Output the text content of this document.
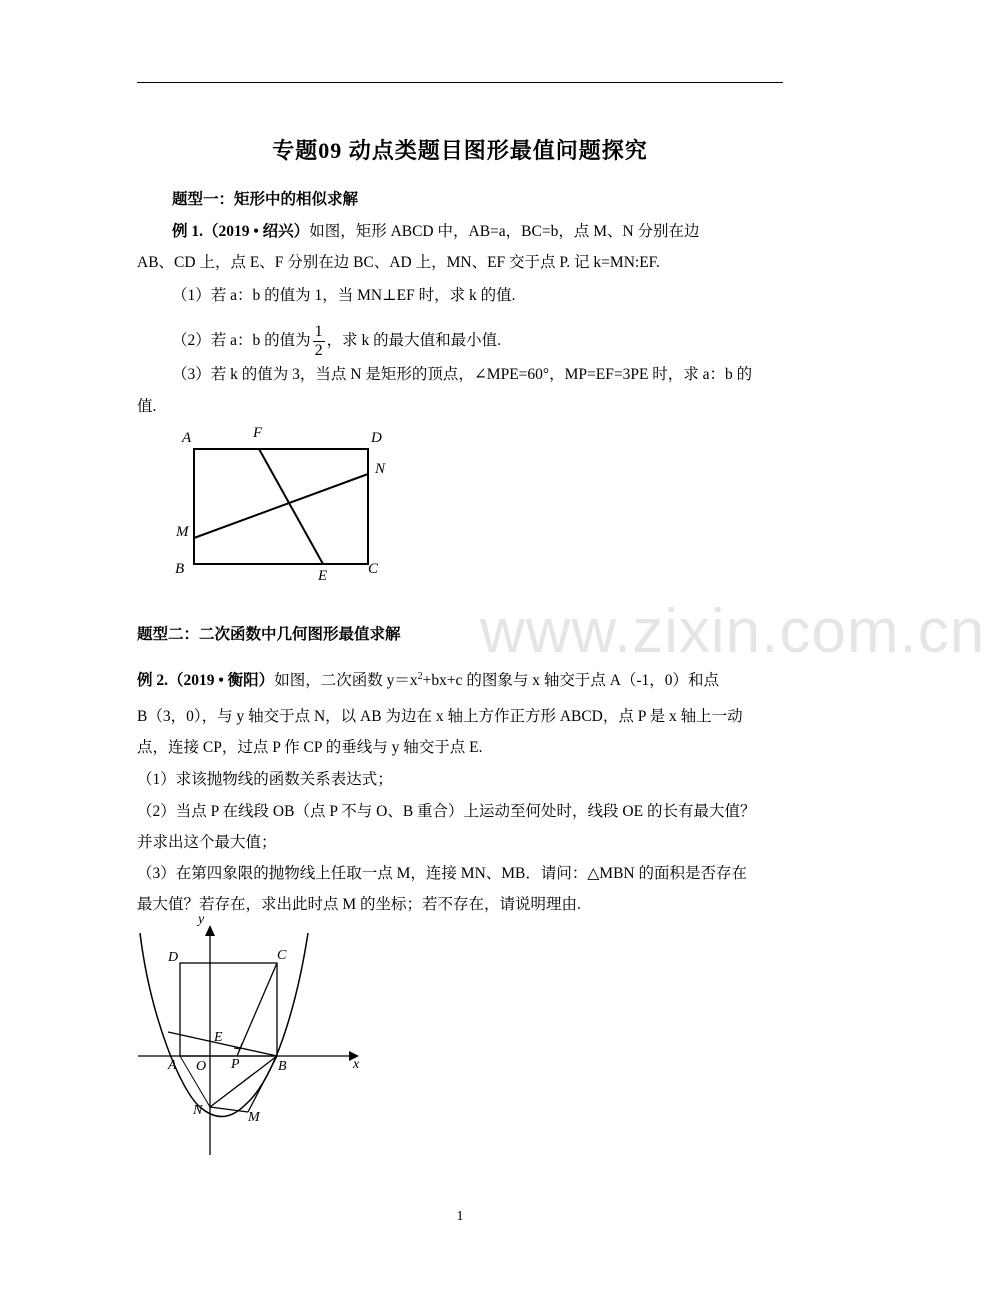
专题09 动点类题目图形最值问题探究
题型一：矩形中的相似求解
例 1.（2019 • 绍兴）如图，矩形 ABCD 中，AB=a，BC=b，点 M、N 分别在边
AB、CD 上，点 E、F 分别在边 BC、AD 上，MN、EF 交于点 P. 记 k=MN:EF.
（1）若 a：b 的值为 1，当 MN⊥EF 时，求 k 的值.
（2）若 a：b 的值为 $\frac{1}{2}$ ，求 k 的最大值和最小值.
（3）若 k 的值为 3，当点 N 是矩形的顶点，∠MPE=60°，MP=EF=3PE 时，求 a：b 的
值.
A	F	D
N
M
B	E	C
www.zixin.com.cn
题型二：二次函数中几何图形最值求解
例 2.（2019 • 衡阳）如图，二次函数 $y=x^2+bx+c$ 的图象与 x 轴交于点 A（-1，0）和点
B（3，0），与 y 轴交于点 N，以 AB 为边在 x 轴上方作正方形 ABCD，点 P 是 x 轴上一动
点，连接 CP，过点 P 作 CP 的垂线与 y 轴交于点 E.
（1）求该抛物线的函数关系表达式；
（2）当点 P 在线段 OB（点 P 不与 O、B 重合）上运动至何处时，线段 OE 的长有最大值？
并求出这个最大值；
（3）在第四象限的抛物线上任取一点 M，连接 MN、MB．请问：△MBN 的面积是否存在
最大值？若存在，求出此时点 M 的坐标；若不存在，请说明理由.
y
D	C
E
A O P	B	x
N	M
1
